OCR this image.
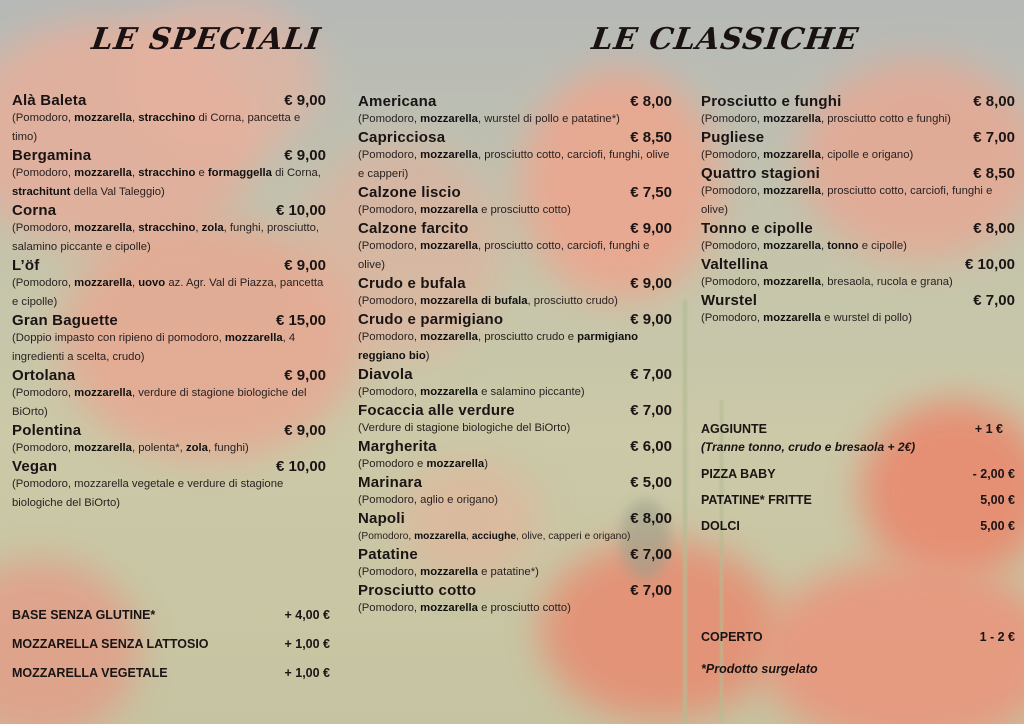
LE SPECIALI	LE CLASSICHE
Alà Baleta	€ 9,00
(Pomodoro, mozzarella, stracchino di Corna, pancetta e timo)
Bergamina	€ 9,00
(Pomodoro, mozzarella, stracchino e formaggella di Corna, strachitunt della Val Taleggio)
Corna	€ 10,00
(Pomodoro, mozzarella, stracchino, zola, funghi, prosciutto, salamino piccante e cipolle)
L’öf	€ 9,00
(Pomodoro, mozzarella, uovo az. Agr. Val di Piazza, pancetta e cipolle)
Gran Baguette	€ 15,00
(Doppio impasto con ripieno di pomodoro, mozzarella, 4 ingredienti a scelta, crudo)
Ortolana	€ 9,00
(Pomodoro, mozzarella, verdure di stagione biologiche del BiOrto)
Polentina	€ 9,00
(Pomodoro, mozzarella, polenta*, zola, funghi)
Vegan	€ 10,00
(Pomodoro, mozzarella vegetale e verdure di stagione biologiche del BiOrto)
BASE SENZA GLUTINE*	+ 4,00 €
MOZZARELLA SENZA LATTOSIO	+ 1,00 €
MOZZARELLA VEGETALE	+ 1,00 €
Americana	€ 8,00
(Pomodoro, mozzarella, wurstel di pollo e patatine*)
Capricciosa	€ 8,50
(Pomodoro, mozzarella, prosciutto cotto, carciofi, funghi, olive e capperi)
Calzone liscio	€ 7,50
(Pomodoro, mozzarella e prosciutto cotto)
Calzone farcito	€ 9,00
(Pomodoro, mozzarella, prosciutto cotto, carciofi, funghi e olive)
Crudo e bufala	€ 9,00
(Pomodoro, mozzarella di bufala, prosciutto crudo)
Crudo e parmigiano	€ 9,00
(Pomodoro, mozzarella, prosciutto crudo e parmigiano reggiano bio)
Diavola	€ 7,00
(Pomodoro, mozzarella e salamino piccante)
Focaccia alle verdure	€ 7,00
(Verdure di stagione biologiche del BiOrto)
Margherita	€ 6,00
(Pomodoro e mozzarella)
Marinara	€ 5,00
(Pomodoro, aglio e origano)
Napoli	€ 8,00
(Pomodoro, mozzarella, acciughe, olive, capperi e origano)
Patatine	€ 7,00
(Pomodoro, mozzarella e patatine*)
Prosciutto cotto	€ 7,00
(Pomodoro, mozzarella e prosciutto cotto)
Prosciutto e funghi	€ 8,00
(Pomodoro, mozzarella, prosciutto cotto e funghi)
Pugliese	€ 7,00
(Pomodoro, mozzarella, cipolle e origano)
Quattro stagioni	€ 8,50
(Pomodoro, mozzarella, prosciutto cotto, carciofi, funghi e olive)
Tonno e cipolle	€ 8,00
(Pomodoro, mozzarella, tonno e cipolle)
Valtellina	€ 10,00
(Pomodoro, mozzarella, bresaola, rucola e grana)
Wurstel	€ 7,00
(Pomodoro, mozzarella e wurstel di pollo)
AGGIUNTE	+ 1 €
(Tranne tonno, crudo e bresaola + 2€)
PIZZA BABY	- 2,00 €
PATATINE* FRITTE	5,00 €
DOLCI	5,00 €
COPERTO	1 - 2 €
*Prodotto surgelato
